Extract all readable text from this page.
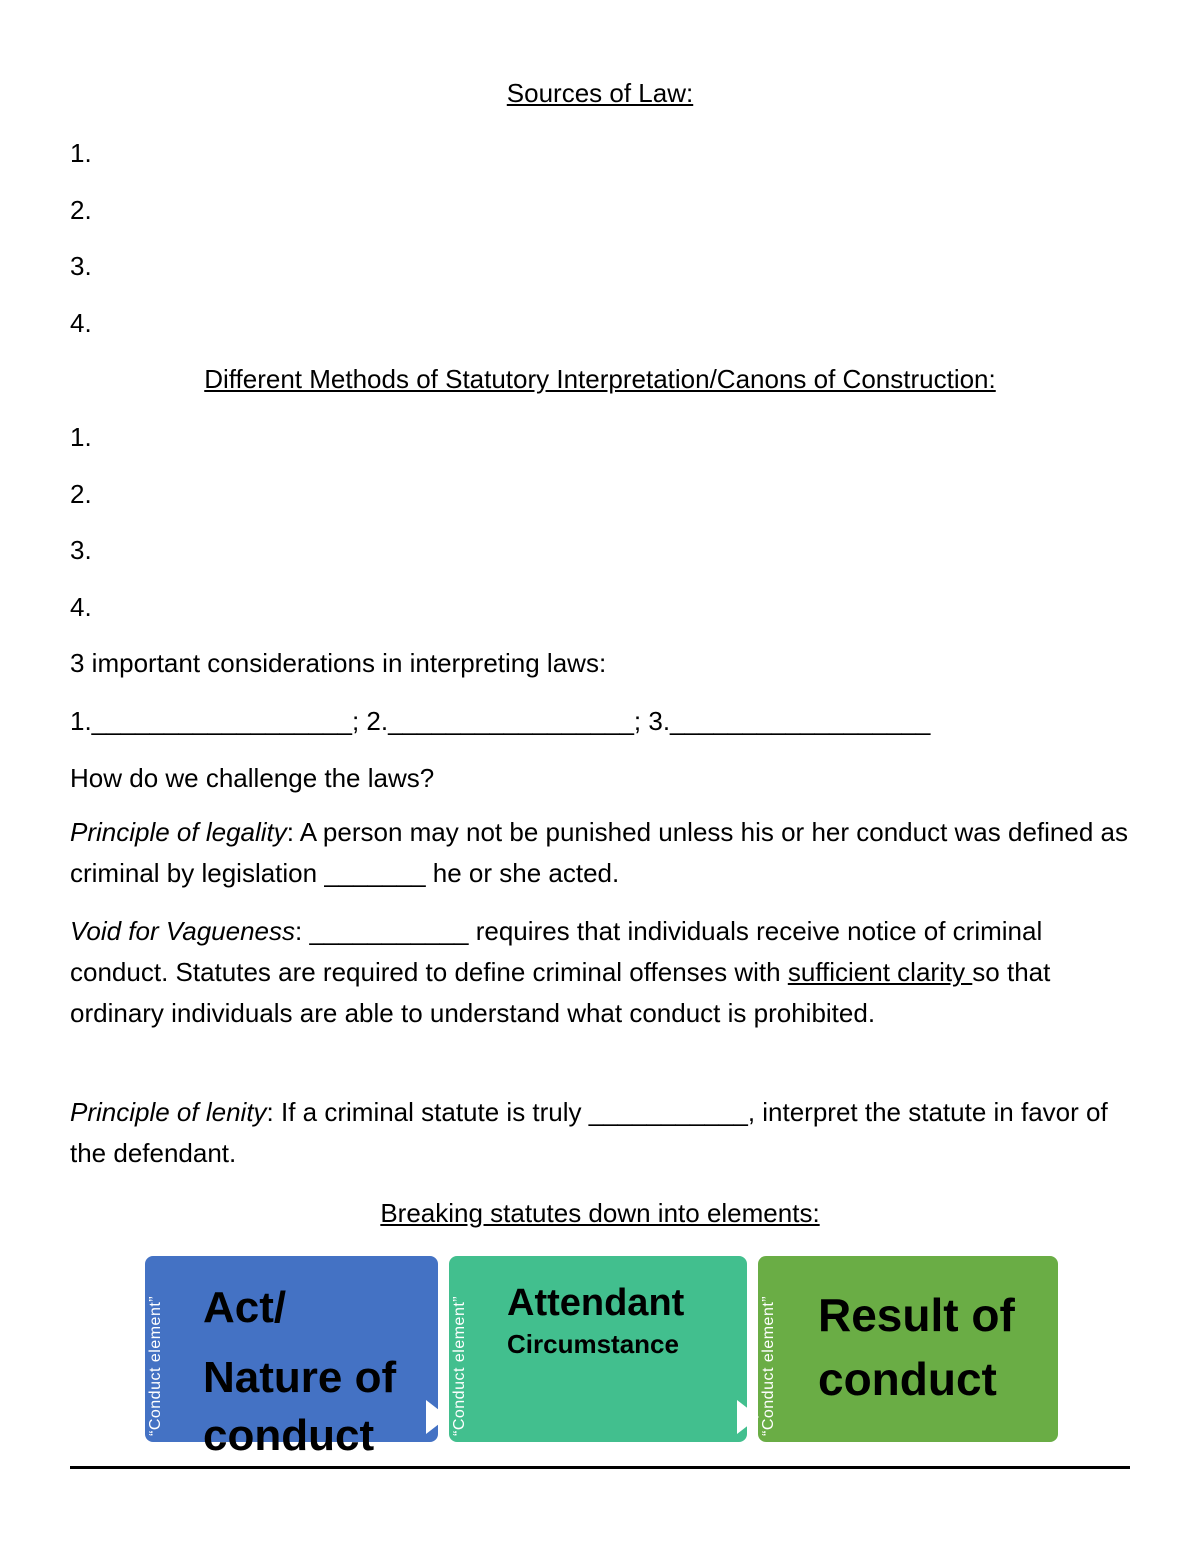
Sources of Law:
1.
2.
3.
4.
Different Methods of Statutory Interpretation/Canons of Construction:
1.
2.
3.
4.
3 important considerations in interpreting laws:
1.__________________; 2._________________; 3.__________________
How do we challenge the laws?
Principle of legality: A person may not be punished unless his or her conduct was defined as criminal by legislation _______ he or she acted.
Void for Vagueness: ___________ requires that individuals receive notice of criminal conduct. Statutes are required to define criminal offenses with sufficient clarity so that ordinary individuals are able to understand what conduct is prohibited.
Principle of lenity: If a criminal statute is truly ___________, interpret the statute in favor of the defendant.
Breaking statutes down into elements:
“Conduct element” Act/
Nature of
conduct	“Conduct element” Attendant
Circumstance	“Conduct element” Result of
conduct
